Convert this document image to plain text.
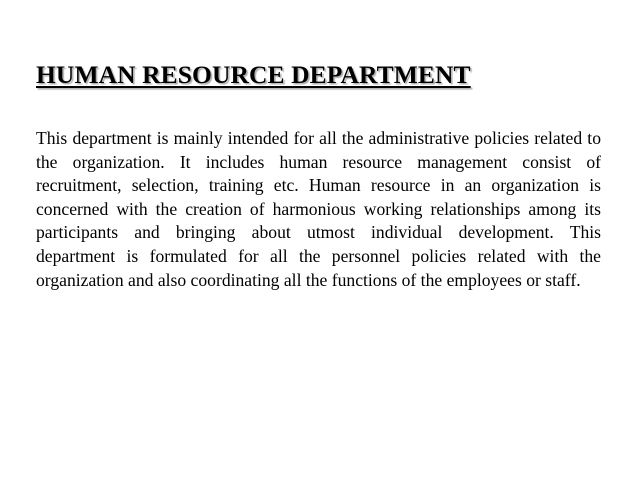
HUMAN RESOURCE DEPARTMENT

This department is mainly intended for all the administrative policies related to the organization. It includes human resource management consist of recruitment, selection, training etc. Human resource in an organization is concerned with the creation of harmonious working relationships among its participants and bringing about utmost individual development. This department is formulated for all the personnel policies related with the organization and also coordinating all the functions of the employees or staff.
